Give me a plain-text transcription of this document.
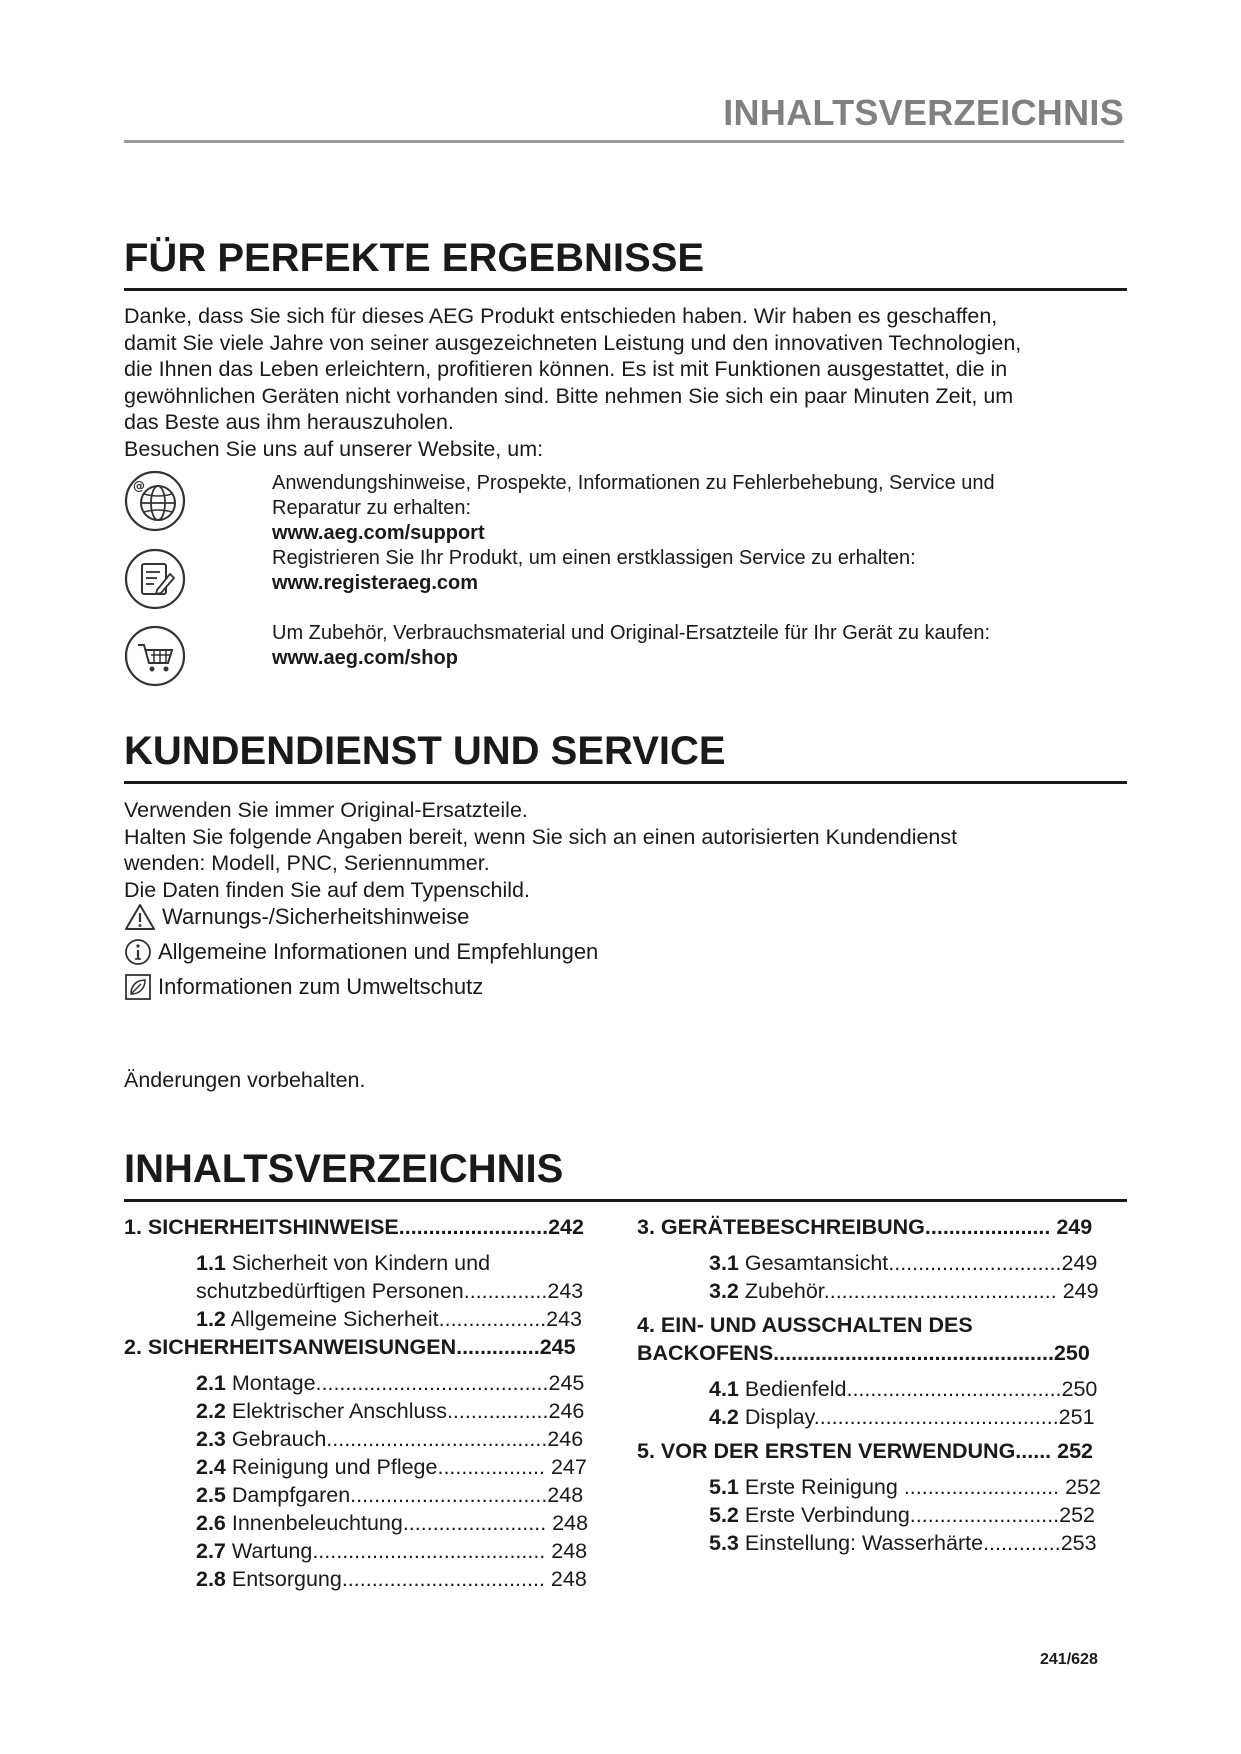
INHALTSVERZEICHNIS
FÜR PERFEKTE ERGEBNISSE

Danke, dass Sie sich für dieses AEG Produkt entschieden haben. Wir haben es geschaffen,

damit Sie viele Jahre von seiner ausgezeichneten Leistung und den innovativen Technologien,

die Ihnen das Leben erleichtern, profitieren können. Es ist mit Funktionen ausgestattet, die in

gewöhnlichen Geräten nicht vorhanden sind. Bitte nehmen Sie sich ein paar Minuten Zeit, um

das Beste aus ihm herauszuholen.

Besuchen Sie uns auf unserer Website, um:

@	Anwendungshinweise, Prospekte, Informationen zu Fehlerbehebung, Service und

Reparatur zu erhalten:

www.aeg.com/support

Registrieren Sie Ihr Produkt, um einen erstklassigen Service zu erhalten:

www.registeraeg.com

Um Zubehör, Verbrauchsmaterial und Original-Ersatzteile für Ihr Gerät zu kaufen:

www.aeg.com/shop

KUNDENDIENST UND SERVICE

Verwenden Sie immer Original-Ersatzteile.

Halten Sie folgende Angaben bereit, wenn Sie sich an einen autorisierten Kundendienst

wenden: Modell, PNC, Seriennummer.

Die Daten finden Sie auf dem Typenschild.

Warnungs-/Sicherheitshinweise
Allgemeine Informationen und Empfehlungen
Informationen zum Umweltschutz
Änderungen vorbehalten.
INHALTSVERZEICHNIS
1. SICHERHEITSHINWEISE.........................242
1.1 Sicherheit von Kindern und
schutzbedürftigen Personen..............243
1.2 Allgemeine Sicherheit..................243
2. SICHERHEITSANWEISUNGEN..............245
2.1 Montage.......................................245
2.2 Elektrischer Anschluss.................246
2.3 Gebrauch.....................................246
2.4 Reinigung und Pflege.................. 247
2.5 Dampfgaren.................................248
2.6 Innenbeleuchtung........................ 248
2.7 Wartung....................................... 248
2.8 Entsorgung.................................. 248
3. GERÄTEBESCHREIBUNG..................... 249
3.1 Gesamtansicht.............................249
3.2 Zubehör....................................... 249
4. EIN- UND AUSSCHALTEN DES
BACKOFENS...............................................250
4.1 Bedienfeld....................................250
4.2 Display.........................................251
5. VOR DER ERSTEN VERWENDUNG...... 252
5.1 Erste Reinigung .......................... 252
5.2 Erste Verbindung.........................252
5.3 Einstellung: Wasserhärte.............253
241/628
